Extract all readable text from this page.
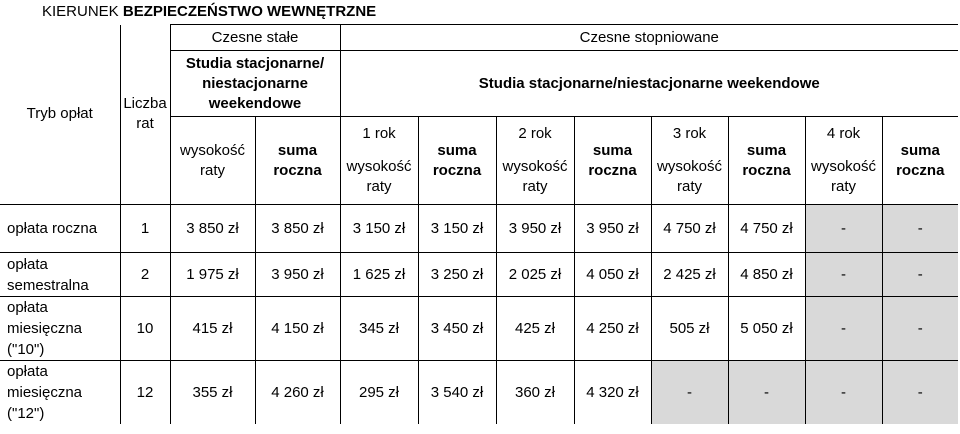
KIERUNEK BEZPIECZEŃSTWO WEWNĘTRZNE
Tryb opłat	Liczba rat	Czesne stałe		Czesne stopniowane							
		Studia stacjonarne/ niestacjonarne weekendowe		Studia stacjonarne/niestacjonarne weekendowe							
		wysokość raty	suma roczna	1 rok	suma roczna	2 rok	suma roczna	3 rok	suma roczna	4 rok	suma roczna
				wysokość raty		wysokość raty		wysokość raty		wysokość raty	
opłata roczna	1	3 850 zł	3 850 zł	3 150 zł	3 150 zł	3 950 zł	3 950 zł	4 750 zł	4 750 zł	-	-
opłata semestralna	2	1 975 zł	3 950 zł	1 625 zł	3 250 zł	2 025 zł	4 050 zł	2 425 zł	4 850 zł	-	-
opłata miesięczna ("10")	10	415 zł	4 150 zł	345 zł	3 450 zł	425 zł	4 250 zł	505 zł	5 050 zł	-	-
opłata miesięczna ("12")	12	355 zł	4 260 zł	295 zł	3 540 zł	360 zł	4 320 zł	-	-	-	-
